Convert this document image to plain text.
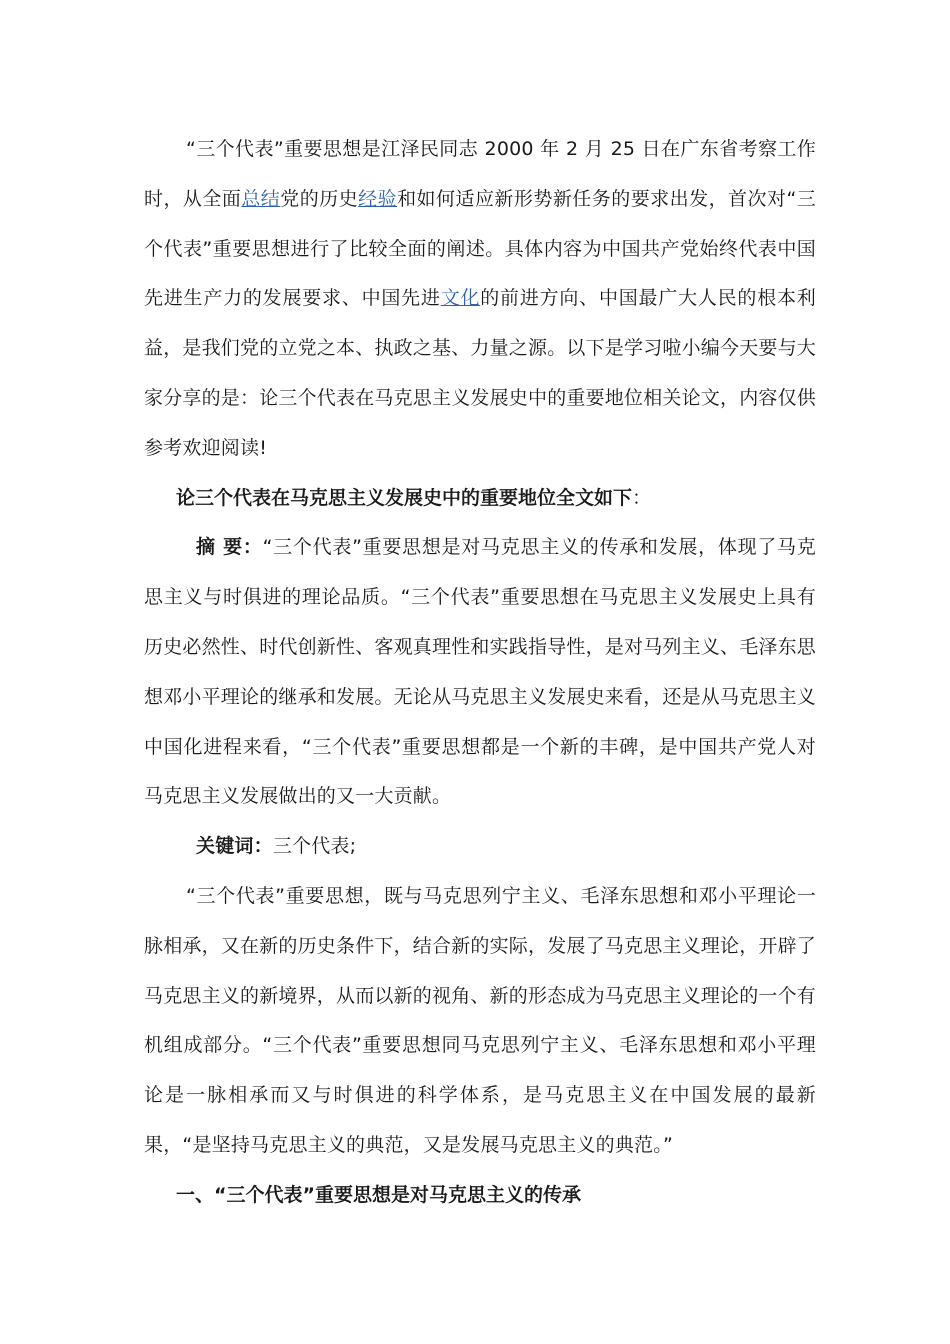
“三个代表”重要思想是江泽民同志 2000 年 2 月 25 日在广东省考察工作时，从全面总结党的历史经验和如何适应新形势新任务的要求出发，首次对“三个代表”重要思想进行了比较全面的阐述。具体内容为中国共产党始终代表中国先进生产力的发展要求、中国先进文化的前进方向、中国最广大人民的根本利益，是我们党的立党之本、执政之基、力量之源。以下是学习啦小编今天要与大家分享的是：论三个代表在马克思主义发展史中的重要地位相关论文，内容仅供参考欢迎阅读!

论三个代表在马克思主义发展史中的重要地位全文如下：

摘 要：“三个代表”重要思想是对马克思主义的传承和发展，体现了马克思主义与时俱进的理论品质。“三个代表”重要思想在马克思主义发展史上具有历史必然性、时代创新性、客观真理性和实践指导性，是对马列主义、毛泽东思想邓小平理论的继承和发展。无论从马克思主义发展史来看，还是从马克思主义中国化进程来看，“三个代表”重要思想都是一个新的丰碑，是中国共产党人对马克思主义发展做出的又一大贡献。

关键词：三个代表;

“三个代表”重要思想，既与马克思列宁主义、毛泽东思想和邓小平理论一脉相承，又在新的历史条件下，结合新的实际，发展了马克思主义理论，开辟了马克思主义的新境界，从而以新的视角、新的形态成为马克思主义理论的一个有机组成部分。“三个代表”重要思想同马克思列宁主义、毛泽东思想和邓小平理论是一脉相承而又与时俱进的科学体系，是马克思主义在中国发展的最新果，“是坚持马克思主义的典范，又是发展马克思主义的典范。”

一、“三个代表”重要思想是对马克思主义的传承
